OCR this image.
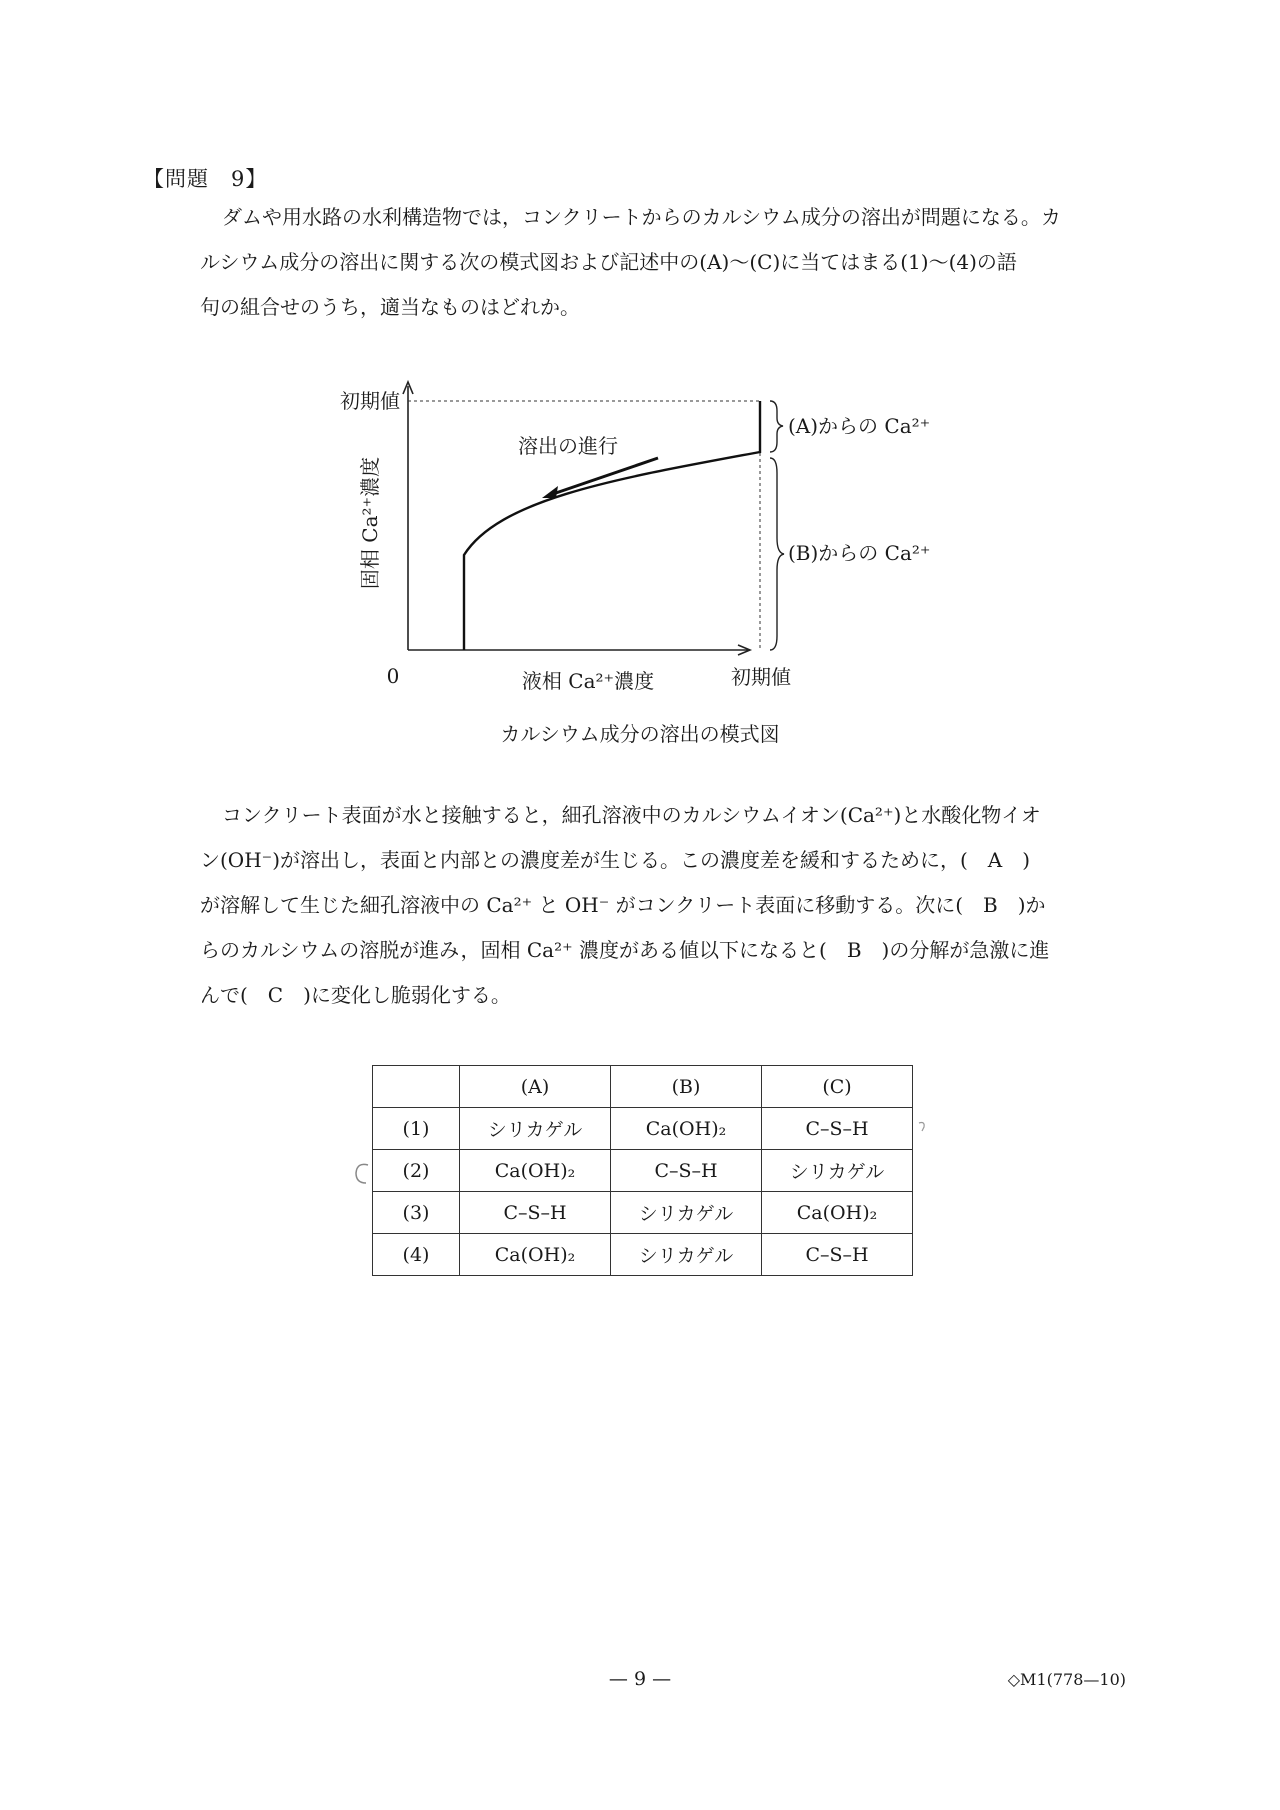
【問題　9】
ダムや用水路の水利構造物では，コンクリートからのカルシウム成分の溶出が問題になる。カ
ルシウム成分の溶出に関する次の模式図および記述中の(A)～(C)に当てはまる(1)～(4)の語
句の組合せのうち，適当なものはどれか。
初期値
固相 Ca²⁺濃度
0	液相 Ca²⁺濃度	初期値
溶出の進行
(A)からの Ca²⁺
(B)からの Ca²⁺
カルシウム成分の溶出の模式図
コンクリート表面が水と接触すると，細孔溶液中のカルシウムイオン(Ca²⁺)と水酸化物イオ
ン(OH⁻)が溶出し，表面と内部との濃度差が生じる。この濃度差を緩和するために，(　A　)
が溶解して生じた細孔溶液中の Ca²⁺ と OH⁻ がコンクリート表面に移動する。次に(　B　)か
らのカルシウムの溶脱が進み，固相 Ca²⁺ 濃度がある値以下になると(　B　)の分解が急激に進
んで(　C　)に変化し脆弱化する。
	(A)	(B)	(C)
(1)	シリカゲル	Ca(OH)₂	C–S–H
(2)	Ca(OH)₂	C–S–H	シリカゲル
(3)	C–S–H	シリカゲル	Ca(OH)₂
(4)	Ca(OH)₂	シリカゲル	C–S–H
— 9 —	◇M1(778—10)
